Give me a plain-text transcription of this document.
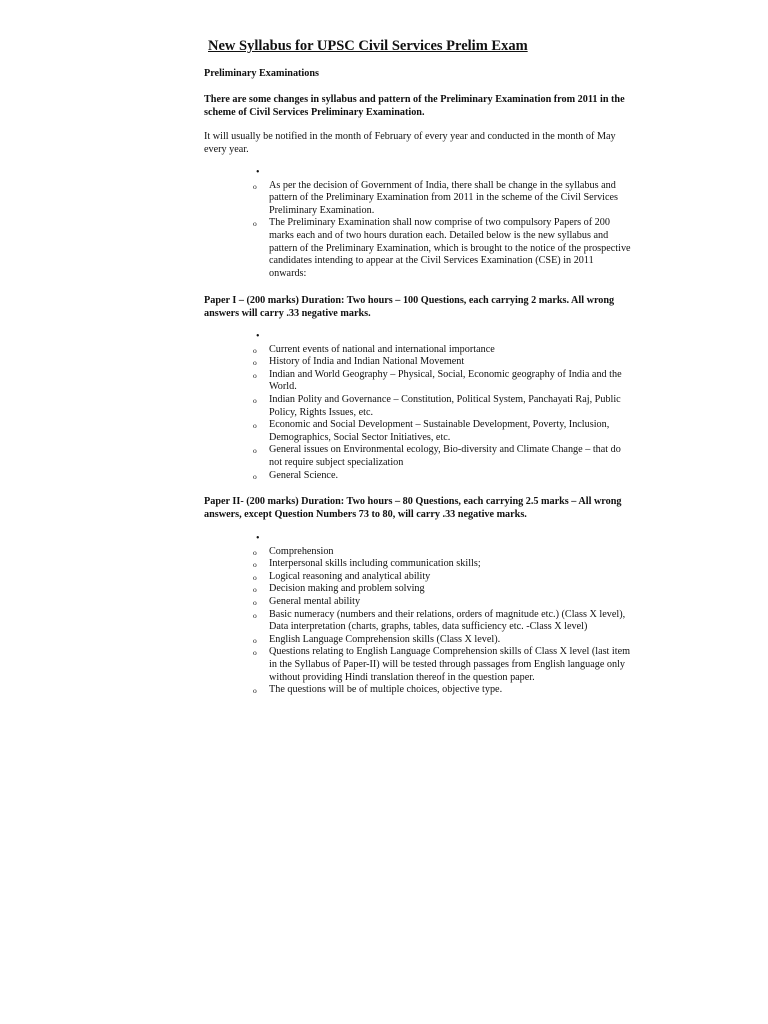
New Syllabus for UPSC Civil Services Prelim Exam

Preliminary Examinations

There are some changes in syllabus and pattern of the Preliminary Examination from 2011 in the scheme of Civil Services Preliminary Examination.

It will usually be notified in the month of February of every year and conducted in the month of May every year.

•
o As per the decision of Government of India, there shall be change in the syllabus and pattern of the Preliminary Examination from 2011 in the scheme of the Civil Services Preliminary Examination.
o The Preliminary Examination shall now comprise of two compulsory Papers of 200 marks each and of two hours duration each. Detailed below is the new syllabus and pattern of the Preliminary Examination, which is brought to the notice of the prospective candidates intending to appear at the Civil Services Examination (CSE) in 2011 onwards:

Paper I – (200 marks) Duration: Two hours – 100 Questions, each carrying 2 marks. All wrong answers will carry .33 negative marks.

•
o Current events of national and international importance
o History of India and Indian National Movement
o Indian and World Geography – Physical, Social, Economic geography of India and the World.
o Indian Polity and Governance – Constitution, Political System, Panchayati Raj, Public Policy, Rights Issues, etc.
o Economic and Social Development – Sustainable Development, Poverty, Inclusion, Demographics, Social Sector Initiatives, etc.
o General issues on Environmental ecology, Bio-diversity and Climate Change – that do not require subject specialization
o General Science.

Paper II- (200 marks) Duration: Two hours – 80 Questions, each carrying 2.5 marks – All wrong answers, except Question Numbers 73 to 80, will carry .33 negative marks.

•
o Comprehension
o Interpersonal skills including communication skills;
o Logical reasoning and analytical ability
o Decision making and problem solving
o General mental ability
o Basic numeracy (numbers and their relations, orders of magnitude etc.) (Class X level), Data interpretation (charts, graphs, tables, data sufficiency etc. -Class X level)
o English Language Comprehension skills (Class X level).
o Questions relating to English Language Comprehension skills of Class X level (last item in the Syllabus of Paper-II) will be tested through passages from English language only without providing Hindi translation thereof in the question paper.
o The questions will be of multiple choices, objective type.
